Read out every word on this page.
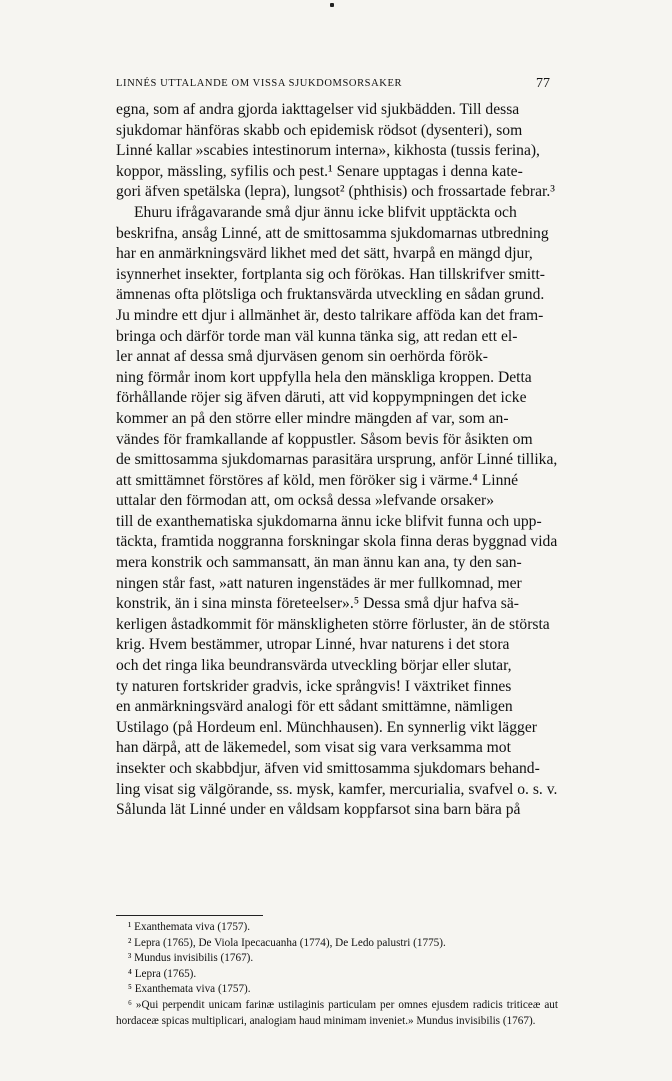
LINNÉS UTTALANDE OM VISSA SJUKDOMSORSAKER	77

egna, som af andra gjorda iakttagelser vid sjukbädden. Till dessa
sjukdomar hänföras skabb och epidemisk rödsot (dysenteri), som
Linné kallar »scabies intestinorum interna», kikhosta (tussis ferina),
koppor, mässling, syfilis och pest.¹ Senare upptagas i denna kate-
gori äfven spetälska (lepra), lungsot² (phthisis) och frossartade febrar.³

Ehuru ifrågavarande små djur ännu icke blifvit upptäckta och
beskrifna, ansåg Linné, att de smittosamma sjukdomarnas utbredning
har en anmärkningsvärd likhet med det sätt, hvarpå en mängd djur,
isynnerhet insekter, fortplanta sig och förökas. Han tillskrifver smitt-
ämnenas ofta plötsliga och fruktansvärda utveckling en sådan grund.
Ju mindre ett djur i allmänhet är, desto talrikare afföda kan det fram-
bringa och därför torde man väl kunna tänka sig, att redan ett el-
ler annat af dessa små djurväsen genom sin oerhörda förök-
ning förmår inom kort uppfylla hela den mänskliga kroppen. Detta
förhållande röjer sig äfven däruti, att vid koppympningen det icke
kommer an på den större eller mindre mängden af var, som an-
vändes för framkallande af koppustler. Såsom bevis för åsikten om
de smittosamma sjukdomarnas parasitära ursprung, anför Linné tillika,
att smittämnet förstöres af köld, men föröker sig i värme.⁴ Linné
uttalar den förmodan att, om också dessa »lefvande orsaker»
till de exanthematiska sjukdomarna ännu icke blifvit funna och upp-
täckta, framtida noggranna forskningar skola finna deras byggnad vida
mera konstrik och sammansatt, än man ännu kan ana, ty den san-
ningen står fast, »att naturen ingenstädes är mer fullkomnad, mer
konstrik, än i sina minsta företeelser».⁵ Dessa små djur hafva sä-
kerligen åstadkommit för mänskligheten större förluster, än de största
krig. Hvem bestämmer, utropar Linné, hvar naturens i det stora
och det ringa lika beundransvärda utveckling börjar eller slutar,
ty naturen fortskrider gradvis, icke språngvis! I växtriket finnes
en anmärkningsvärd analogi för ett sådant smittämne, nämligen
Ustilago (på Hordeum enl. Münchhausen). En synnerlig vikt lägger
han därpå, att de läkemedel, som visat sig vara verksamma mot
insekter och skabbdjur, äfven vid smittosamma sjukdomars behand-
ling visat sig välgörande, ss. mysk, kamfer, mercurialia, svafvel o. s. v.
Sålunda lät Linné under en våldsam koppfarsot sina barn bära på

¹ Exanthemata viva (1757).

² Lepra (1765), De Viola Ipecacuanha (1774), De Ledo palustri (1775).

³ Mundus invisibilis (1767).

⁴ Lepra (1765).

⁵ Exanthemata viva (1757).

⁶ »Qui perpendit unicam farinæ ustilaginis particulam per omnes ejusdem radicis triticeæ aut hordaceæ spicas multiplicari, analogiam haud minimam inveniet.» Mundus invisibilis (1767).
